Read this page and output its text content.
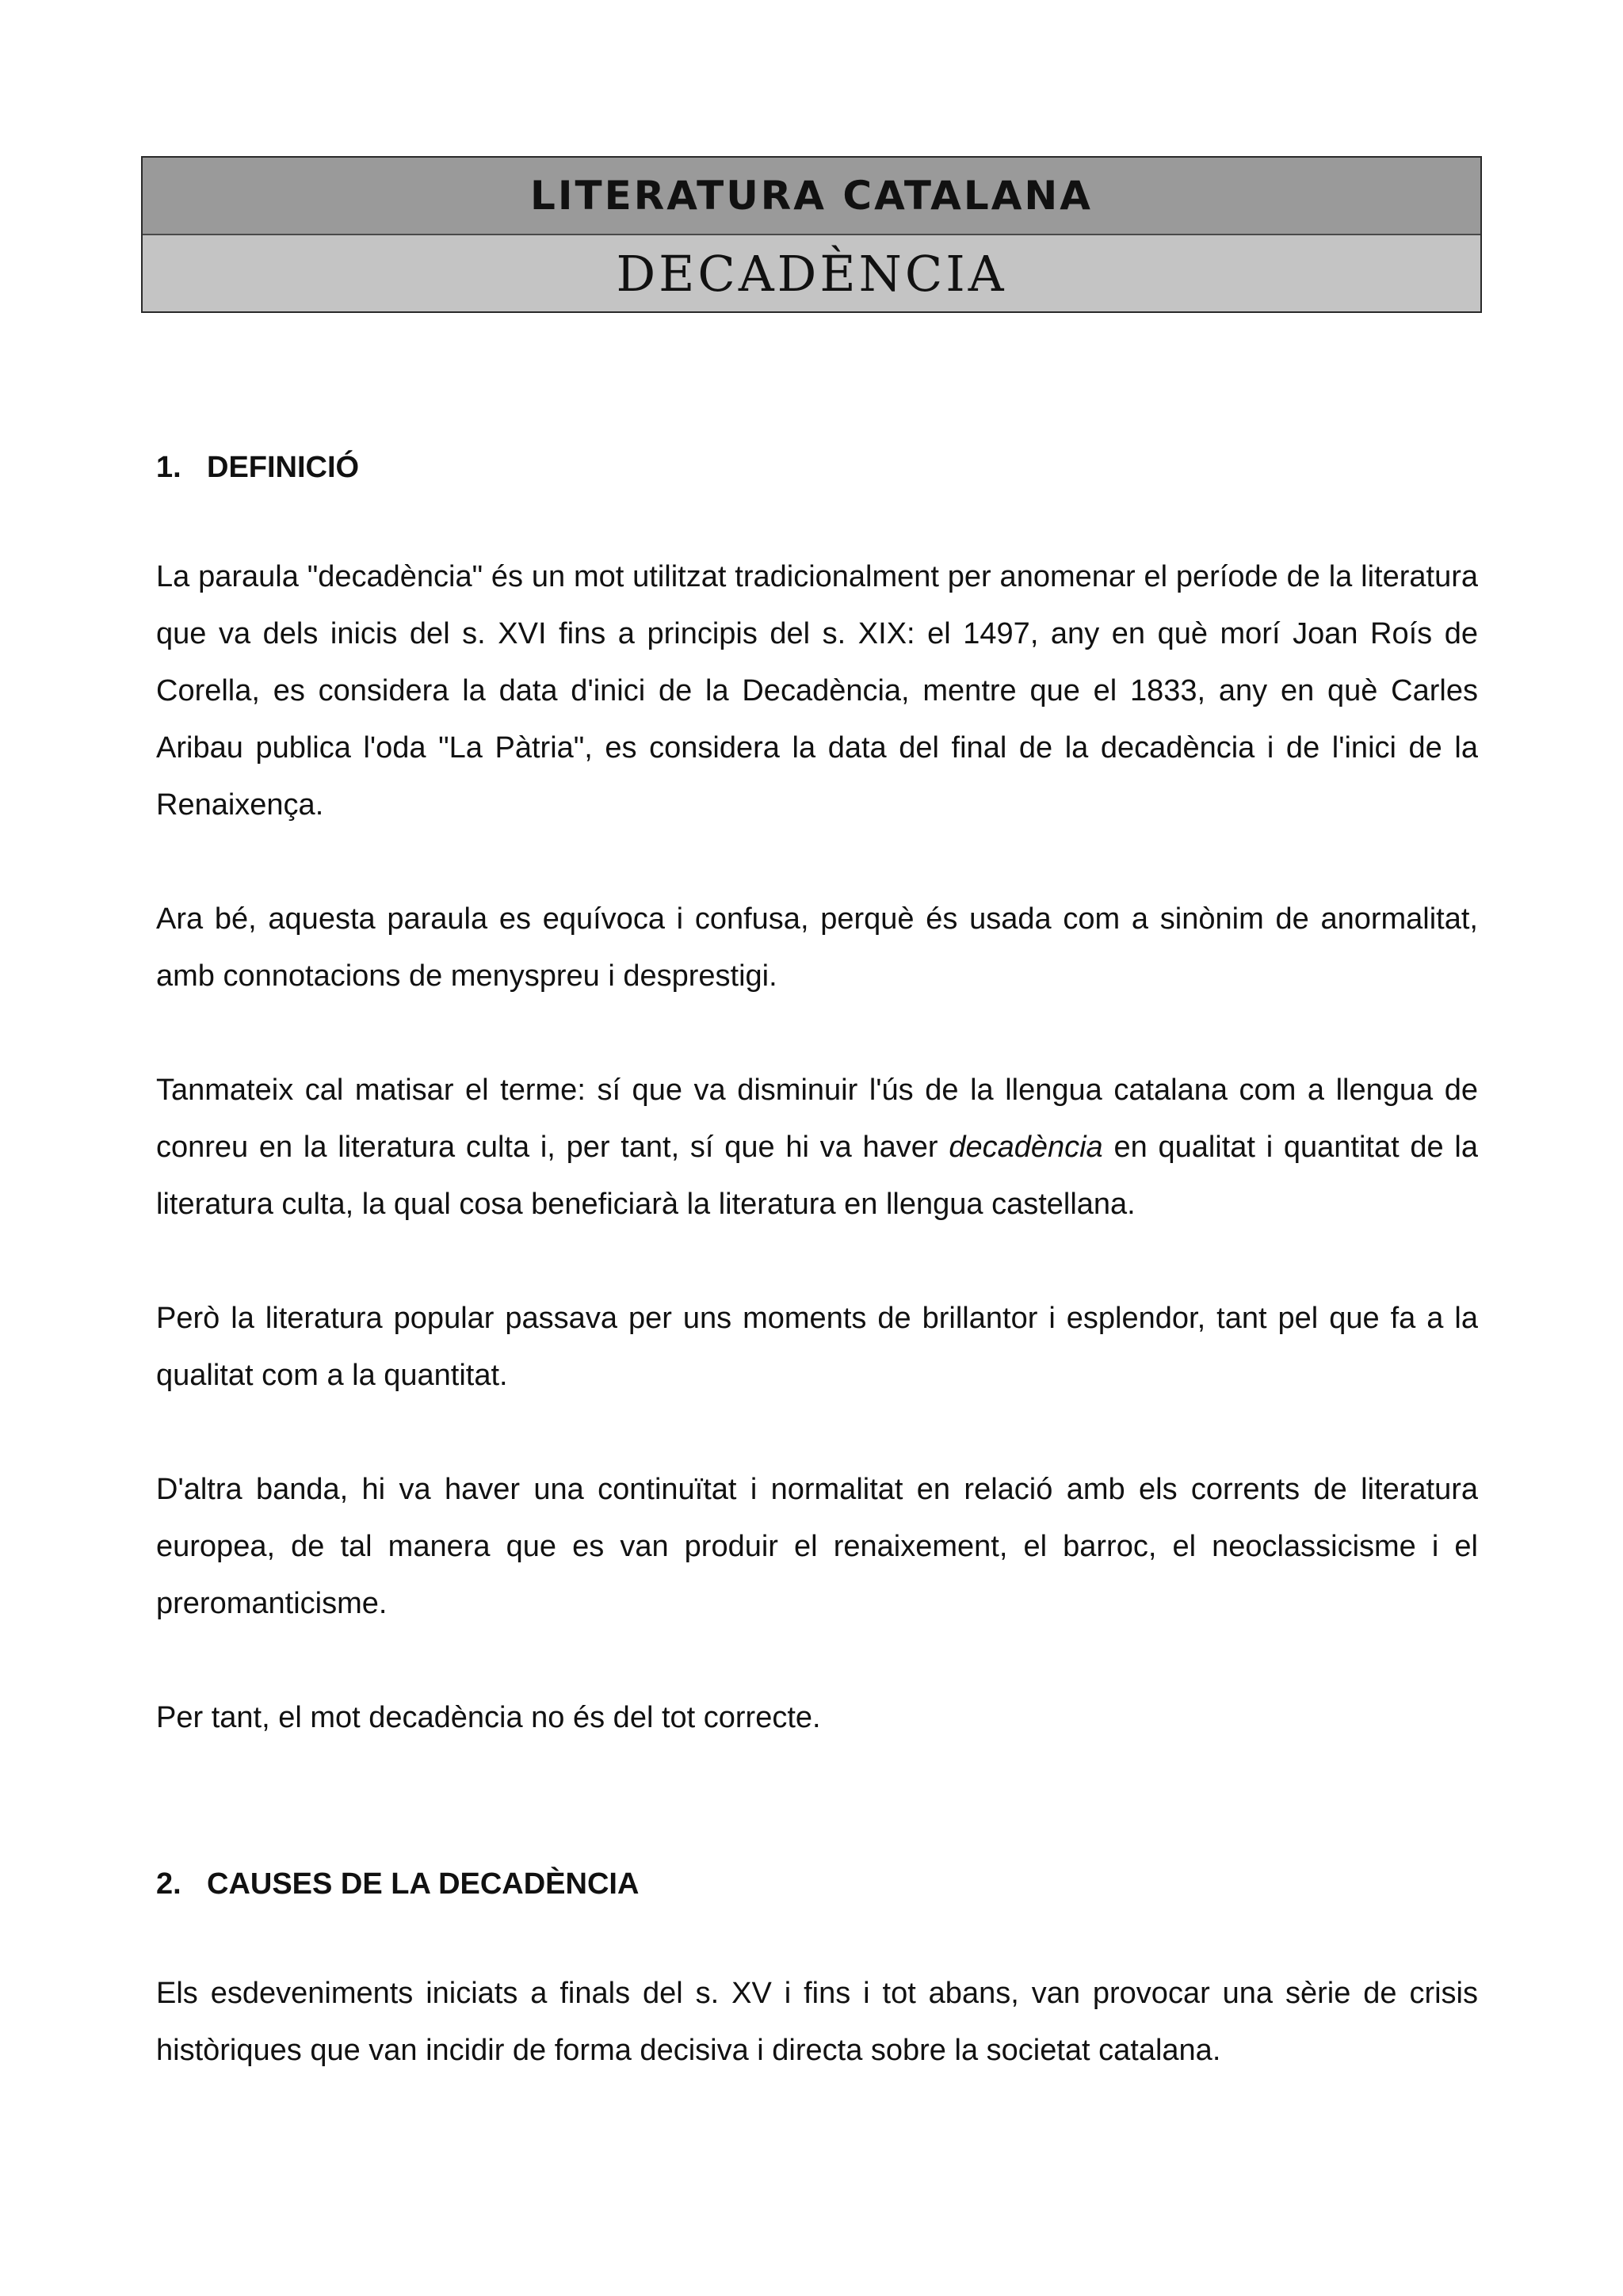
LITERATURA CATALANA
DECADÈNCIA
1. DEFINICIÓ

La paraula "decadència" és un mot utilitzat tradicionalment per anomenar el període de la literatura que va dels inicis del s. XVI fins a principis del s. XIX: el 1497, any en què morí Joan Roís de Corella, es considera la data d'inici de la Decadència, mentre que el 1833, any en què Carles Aribau publica l'oda "La Pàtria", es considera la data del final de la decadència i de l'inici de la Renaixença.

Ara bé, aquesta paraula es equívoca i confusa, perquè és usada com a sinònim de anormalitat, amb connotacions de menyspreu i desprestigi.

Tanmateix cal matisar el terme: sí que va disminuir l'ús de la llengua catalana com a llengua de conreu en la literatura culta i, per tant, sí que hi va haver decadència en qualitat i quantitat de la literatura culta, la qual cosa beneficiarà la literatura en llengua castellana.

Però la literatura popular passava per uns moments de brillantor i esplendor, tant pel que fa a la qualitat com a la quantitat.

D'altra banda, hi va haver una continuïtat i normalitat en relació amb els corrents de literatura europea, de tal manera que es van produir el renaixement, el barroc, el neoclassicisme i el preromanticisme.

Per tant, el mot decadència no és del tot correcte.

2. CAUSES DE LA DECADÈNCIA

Els esdeveniments iniciats a finals del s. XV i fins i tot abans, van provocar una sèrie de crisis històriques que van incidir de forma decisiva i directa sobre la societat catalana.
